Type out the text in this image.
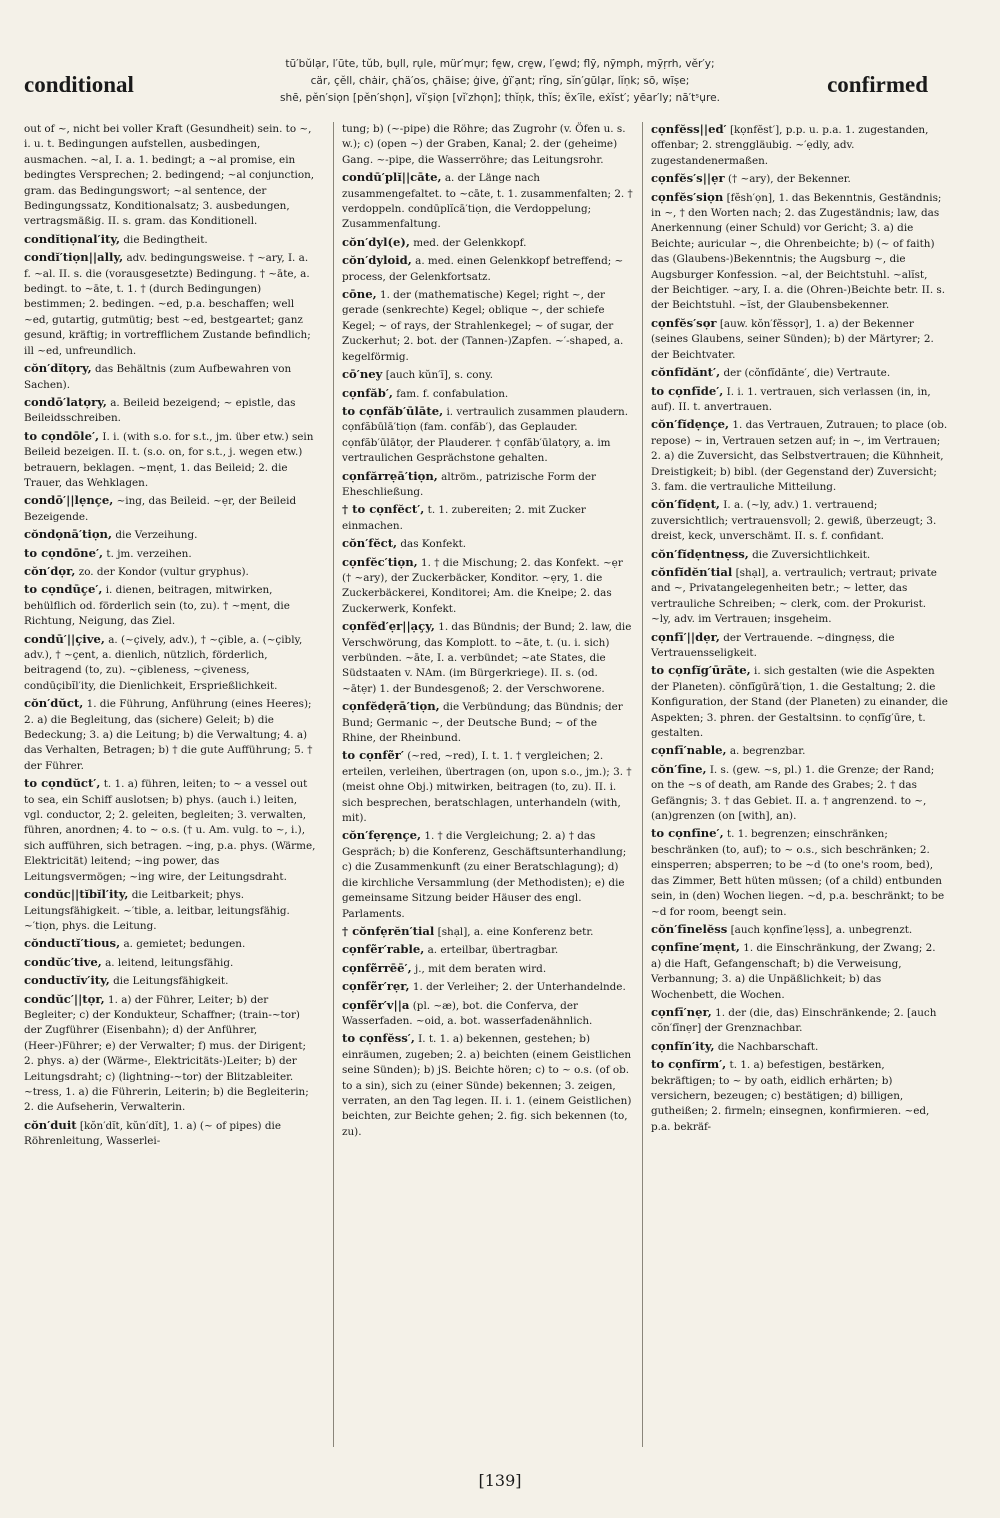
conditional
tū′bŭlạr, l′ūte, tŭb, bụll, rụle, mür′mụr; fe̱w, cre̱w, l′e̱wd; flȳ, nȳmph, mȳṛrh, vĕr′y;
cär, çĕll, chȧir, çhä′os, çhäise; ġive, ġï′ạnt; rĭng, sĭn′gūlạr, lĭṇk; sō, wīṣe;
shē, pĕn′siọn [pĕn′shọn], vĭ′ṣiọn [vĭ′zhọn]; thĭṇk, thĭs; ĕx′īle, eẋĭst′; yēar′ly; nā′tˢụre.
confirmed
out of ~, nicht bei voller Kraft (Gesundheit) sein. to ~, i. u. t. Bedingungen aufstellen, ausbedingen, ausmachen. ~al, I. a. 1. bedingt; a ~al promise, ein bedingtes Versprechen; 2. bedingend; ~al conjunction, gram. das Bedingungswort; ~al sentence, der Bedingungssatz, Konditionalsatz; 3. ausbedungen, vertragsmäßig. II. s. gram. das Konditionell.
condĭtiọnal′ity, die Bedingtheit.
condĭ′tiọn||ally, adv. bedingungsweise. † ~ary, I. a. f. ~al. II. s. die (vorausgesetzte) Bedingung. † ~āte, a. bedingt. to ~āte, t. 1. † (durch Bedingungen) bestimmen; 2. bedingen. ~ed, p.a. beschaffen; well ~ed, gutartig, gutmütig; best ~ed, bestgeartet; ganz gesund, kräftig; in vortrefflichem Zustande befindlich; ill ~ed, unfreundlich.
cŏn′dĭtọry, das Behältnis (zum Aufbewahren von Sachen).
condō′latọry, a. Beileid bezeigend; ~ epistle, das Beileidsschreiben.
to cọndōle′, I. i. (with s.o. for s.t., jm. über etw.) sein Beileid bezeigen. II. t. (s.o. on, for s.t., j. wegen etw.) betrauern, beklagen. ~mẹnt, 1. das Beileid; 2. die Trauer, das Wehklagen.
condō′||lẹnçe, ~ing, das Beileid. ~ẹr, der Beileid Bezeigende.
cŏndọnā′tiọn, die Verzeihung.
to cọndōne′, t. jm. verzeihen.
cŏn′dọr, zo. der Kondor (vultur gryphus).
to cọndūçe′, i. dienen, beitragen, mitwirken, behülflich od. förderlich sein (to, zu). † ~mẹnt, die Richtung, Neigung, das Ziel.
condū′||çive, a. (~çively, adv.), † ~çible, a. (~çibly, adv.), † ~çent, a. dienlich, nützlich, förderlich, beitragend (to, zu). ~çibleness, ~çiveness, condūçibĭl′ity, die Dienlichkeit, Ersprießlichkeit.
cŏn′dŭct, 1. die Führung, Anführung (eines Heeres); 2. a) die Begleitung, das (sichere) Geleit; b) die Bedeckung; 3. a) die Leitung; b) die Verwaltung; 4. a) das Verhalten, Betragen; b) † die gute Aufführung; 5. † der Führer.
to cọndŭct′, t. 1. a) führen, leiten; to ~ a vessel out to sea, ein Schiff auslotsen; b) phys. (auch i.) leiten, vgl. conductor, 2; 2. geleiten, begleiten; 3. verwalten, führen, anordnen; 4. to ~ o.s. († u. Am. vulg. to ~, i.), sich aufführen, sich betragen. ~ing, p.a. phys. (Wärme, Elektricität) leitend; ~ing power, das Leitungsvermögen; ~ing wire, der Leitungsdraht.
condŭc||tĭbĭl′ity, die Leitbarkeit; phys. Leitungsfähigkeit. ~′tible, a. leitbar, leitungsfähig. ~′tiọn, phys. die Leitung.
cŏnductĭ′tious, a. gemietet; bedungen.
condŭc′tive, a. leitend, leitungsfähig.
conductĭv′ity, die Leitungsfähigkeit.
condŭc′||tọr, 1. a) der Führer, Leiter; b) der Begleiter; c) der Kondukteur, Schaffner; (train-~tor) der Zugführer (Eisenbahn); d) der Anführer, (Heer-)Führer; e) der Verwalter; f) mus. der Dirigent; 2. phys. a) der (Wärme-, Elektricitäts-)Leiter; b) der Leitungsdraht; c) (lightning-~tor) der Blitzableiter. ~tress, 1. a) die Führerin, Leiterin; b) die Begleiterin; 2. die Aufseherin, Verwalterin.
cŏn′duit [kŏn′dĭt, kŭn′dĭt], 1. a) (~ of pipes) die Röhrenleitung, Wasserlei-
tung; b) (~-pipe) die Röhre; das Zugrohr (v. Öfen u. s. w.); c) (open ~) der Graben, Kanal; 2. der (geheime) Gang. ~-pipe, die Wasserröhre; das Leitungsrohr.
condū′plĭ||cāte, a. der Länge nach zusammengefaltet. to ~cāte, t. 1. zusammenfalten; 2. † verdoppeln. condūplĭcā′tiọn, die Verdoppelung; Zusammenfaltung.
cŏn′dyl(e), med. der Gelenkkopf.
cŏn′dyloid, a. med. einen Gelenkkopf betreffend; ~ process, der Gelenkfortsatz.
cōne, 1. der (mathematische) Kegel; right ~, der gerade (senkrechte) Kegel; oblique ~, der schiefe Kegel; ~ of rays, der Strahlenkegel; ~ of sugar, der Zuckerhut; 2. bot. der (Tannen-)Zapfen. ~′-shaped, a. kegelförmig.
cō′ney [auch kŭn′ĭ], s. cony.
cọnfăb′, fam. f. confabulation.
to cọnfăb′ūlāte, i. vertraulich zusammen plaudern. cọnfăbūlā′tiọn (fam. confăb′), das Geplauder. cọnfăb′ūlātọr, der Plauderer. † cọnfăb′ūlatọry, a. im vertraulichen Gesprächstone gehalten.
cọnfărrẹā′tiọn, altröm., patrizische Form der Eheschließung.
† to cọnfĕct′, t. 1. zubereiten; 2. mit Zucker einmachen.
cŏn′fĕct, das Konfekt.
cọnfĕc′tiọn, 1. † die Mischung; 2. das Konfekt. ~ẹr († ~ary), der Zuckerbäcker, Konditor. ~ẹry, 1. die Zuckerbäckerei, Konditorei; Am. die Kneipe; 2. das Zuckerwerk, Konfekt.
cọnfĕd′ẹr||ạçy, 1. das Bündnis; der Bund; 2. law, die Verschwörung, das Komplott. to ~āte, t. (u. i. sich) verbünden. ~āte, I. a. verbündet; ~ate States, die Südstaaten v. NAm. (im Bürgerkriege). II. s. (od. ~ātẹr) 1. der Bundesgenoß; 2. der Verschworene.
cọnfĕdẹrā′tiọn, die Verbündung; das Bündnis; der Bund; Germanic ~, der Deutsche Bund; ~ of the Rhine, der Rheinbund.
to cọnfẽr′ (~red, ~red), I. t. 1. † vergleichen; 2. erteilen, verleihen, übertragen (on, upon s.o., jm.); 3. † (meist ohne Obj.) mitwirken, beitragen (to, zu). II. i. sich besprechen, beratschlagen, unterhandeln (with, mit).
cŏn′fẹrẹnçe, 1. † die Vergleichung; 2. a) † das Gespräch; b) die Konferenz, Geschäftsunterhandlung; c) die Zusammenkunft (zu einer Beratschlagung); d) die kirchliche Versammlung (der Methodisten); e) die gemeinsame Sitzung beider Häuser des engl. Parlaments.
† cŏnfẹrĕn′tial [shạl], a. eine Konferenz betr.
cọnfẽr′rable, a. erteilbar, übertragbar.
cọnfẽrrēē′, j., mit dem beraten wird.
cọnfẽr′rẹr, 1. der Verleiher; 2. der Unterhandelnde.
cọnfẽr′v||a (pl. ~æ), bot. die Conferva, der Wasserfaden. ~oid, a. bot. wasserfadenähnlich.
to cọnfĕss′, I. t. 1. a) bekennen, gestehen; b) einräumen, zugeben; 2. a) beichten (einem Geistlichen seine Sünden); b) jS. Beichte hören; c) to ~ o.s. (of ob. to a sin), sich zu (einer Sünde) bekennen; 3. zeigen, verraten, an den Tag legen. II. i. 1. (einem Geistlichen) beichten, zur Beichte gehen; 2. fig. sich bekennen (to, zu).
cọnfĕss||ed′ [kọnfĕst′], p.p. u. p.a. 1. zugestanden, offenbar; 2. strenggläubig. ~′ẹdly, adv. zugestandenermaßen.
cọnfĕs′s||ẹr († ~ary), der Bekenner.
cọnfĕs′siọn [fĕsh′ọn], 1. das Bekenntnis, Geständnis; in ~, † den Worten nach; 2. das Zugeständnis; law, das Anerkennung (einer Schuld) vor Gericht; 3. a) die Beichte; auricular ~, die Ohrenbeichte; b) (~ of faith) das (Glaubens-)Bekenntnis; the Augsburg ~, die Augsburger Konfession. ~al, der Beichtstuhl. ~alĭst, der Beichtiger. ~ary, I. a. die (Ohren-)Beichte betr. II. s. der Beichtstuhl. ~ĭst, der Glaubensbekenner.
cọnfĕs′sọr [auw. kŏn′fĕssọr], 1. a) der Bekenner (seines Glaubens, seiner Sünden); b) der Märtyrer; 2. der Beichtvater.
cŏnfĭdănt′, der (cŏnfĭdănte′, die) Vertraute.
to cọnfīde′, I. i. 1. vertrauen, sich verlassen (in, in, auf). II. t. anvertrauen.
cŏn′fĭdẹnçe, 1. das Vertrauen, Zutrauen; to place (ob. repose) ~ in, Vertrauen setzen auf; in ~, im Vertrauen; 2. a) die Zuversicht, das Selbstvertrauen; die Kühnheit, Dreistigkeit; b) bibl. (der Gegenstand der) Zuversicht; 3. fam. die vertrauliche Mitteilung.
cŏn′fĭdẹnt, I. a. (~ly, adv.) 1. vertrauend; zuversichtlich; vertrauensvoll; 2. gewiß, überzeugt; 3. dreist, keck, unverschämt. II. s. f. confidant.
cŏn′fĭdẹntnẹss, die Zuversichtlichkeit.
cŏnfĭdĕn′tial [shạl], a. vertraulich; vertraut; private and ~, Privatangelegenheiten betr.; ~ letter, das vertrauliche Schreiben; ~ clerk, com. der Prokurist. ~ly, adv. im Vertrauen; insgeheim.
cọnfī′||dẹr, der Vertrauende. ~dingnẹss, die Vertrauensseligkeit.
to cọnfĭg′ūrāte, i. sich gestalten (wie die Aspekten der Planeten). cŏnfĭgūrā′tiọn, 1. die Gestaltung; 2. die Konfiguration, der Stand (der Planeten) zu einander, die Aspekten; 3. phren. der Gestaltsinn. to cọnfĭg′ūre, t. gestalten.
cọnfī′nable, a. begrenzbar.
cŏn′fīne, I. s. (gew. ~s, pl.) 1. die Grenze; der Rand; on the ~s of death, am Rande des Grabes; 2. † das Gefängnis; 3. † das Gebiet. II. a. † angrenzend. to ~, (an)grenzen (on [with], an).
to cọnfīne′, t. 1. begrenzen; einschränken; beschränken (to, auf); to ~ o.s., sich beschränken; 2. einsperren; absperren; to be ~d (to one's room, bed), das Zimmer, Bett hüten müssen; (of a child) entbunden sein, in (den) Wochen liegen. ~d, p.a. beschränkt; to be ~d for room, beengt sein.
cŏn′fīnelĕss [auch kọnfīne′lẹss], a. unbegrenzt.
cọnfīne′mẹnt, 1. die Einschränkung, der Zwang; 2. a) die Haft, Gefangenschaft; b) die Verweisung, Verbannung; 3. a) die Unpäßlichkeit; b) das Wochenbett, die Wochen.
cọnfī′nẹr, 1. der (die, das) Einschränkende; 2. [auch cŏn′fīnẹr] der Grenznachbar.
cọnfĭn′ity, die Nachbarschaft.
to cọnfĭrm′, t. 1. a) befestigen, bestärken, bekräftigen; to ~ by oath, eidlich erhärten; b) versichern, bezeugen; c) bestätigen; d) billigen, gutheißen; 2. firmeln; einsegnen, konfirmieren. ~ed, p.a. bekräf-
[139]
